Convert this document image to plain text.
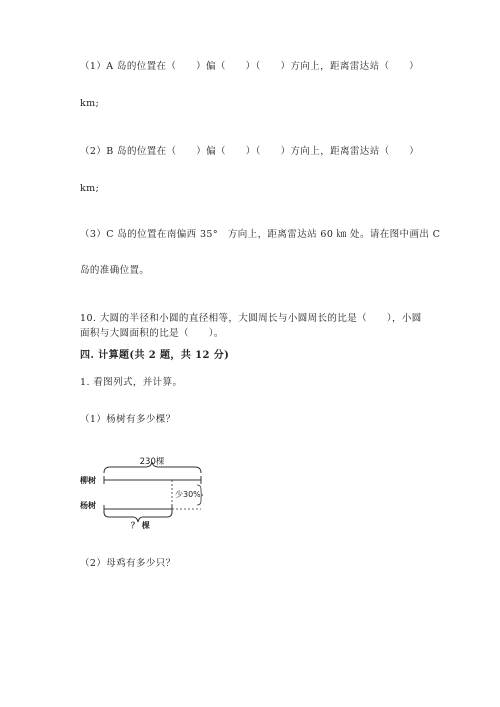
（1）A 岛的位置在（　　）偏（　　）（　　）方向上，距离雷达站（　　）
km;
（2）B 岛的位置在（　　）偏（　　）（　　）方向上，距离雷达站（　　）
km;
（3）C 岛的位置在南偏西 35°　方向上，距离雷达站 60 ㎞ 处。请在图中画出 C
岛的准确位置。
10. 大圆的半径和小圆的直径相等，大圆周长与小圆周长的比是（　　），小圆
面积与大圆面积的比是（　　）。
四. 计算题(共 2 题，共 12 分)
1. 看图列式，并计算。
（1）杨树有多少棵？
230棵
柳树
杨树
少30%
？ 棵
（2）母鸡有多少只？
